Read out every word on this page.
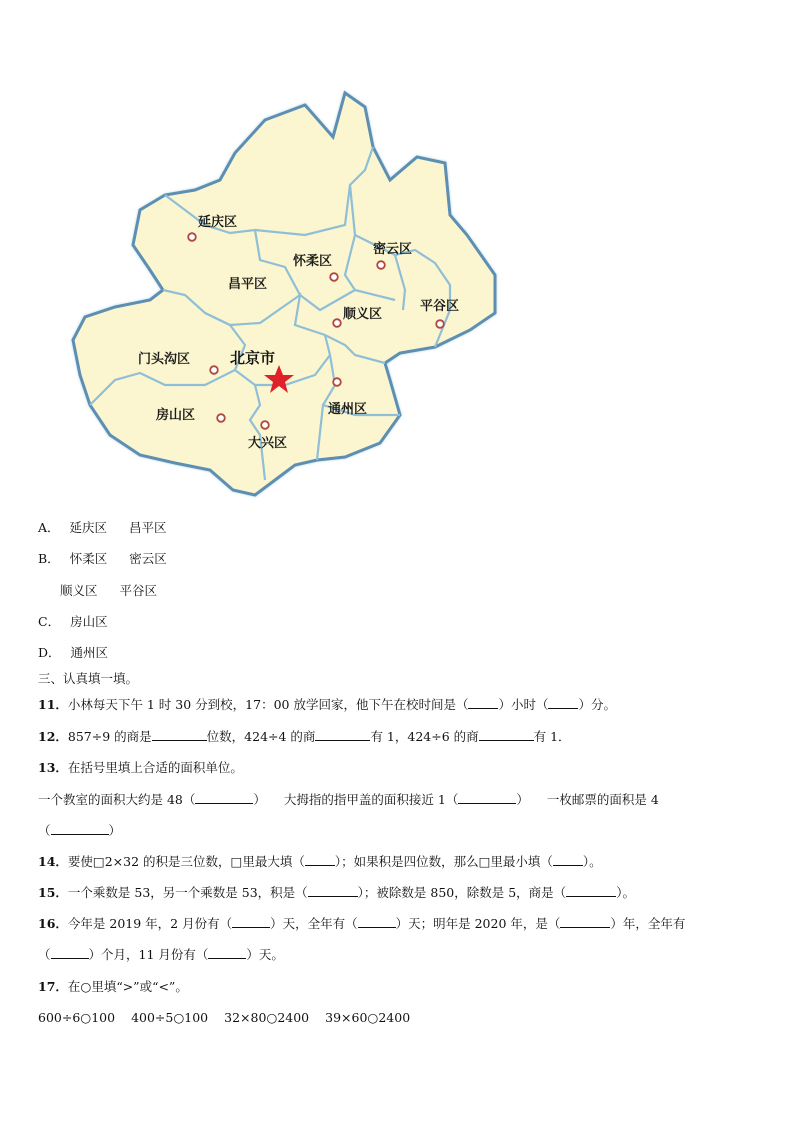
延庆区
怀柔区
密云区
昌平区
平谷区
顺义区
门头沟区	北京市
房山区	通州区
大兴区
A． 延庆区 昌平区
B． 怀柔区 密云区
顺义区 平谷区
C． 房山区
D． 通州区
三、认真填一填。
11．小林每天下午 1 时 30 分到校，17：00 放学回家，他下午在校时间是（ ）小时（ ）分。
12．857÷9 的商是	位数，424÷4 的商	有 1，424÷6 的商	有 1．
13．在括号里填上合适的面积单位。
一个教室的面积大约是 48（	） 大拇指的指甲盖的面积接近 1（	） 一枚邮票的面积是 4
（	）
14．要使□2×32 的积是三位数，□里最大填（ ）；如果积是四位数，那么□里最小填（ ）。
15．一个乘数是 53，另一个乘数是 53，积是（	）；被除数是 850，除数是 5，商是（	）。
16．今年是 2019 年，2 月份有（	）天，全年有（	）天；明年是 2020 年，是（	）年，全年有
（	）个月，11 月份有（	）天。
17．在○里填“>”或“<”。
600÷6○100 400÷5○100 32×80○2400 39×60○2400
